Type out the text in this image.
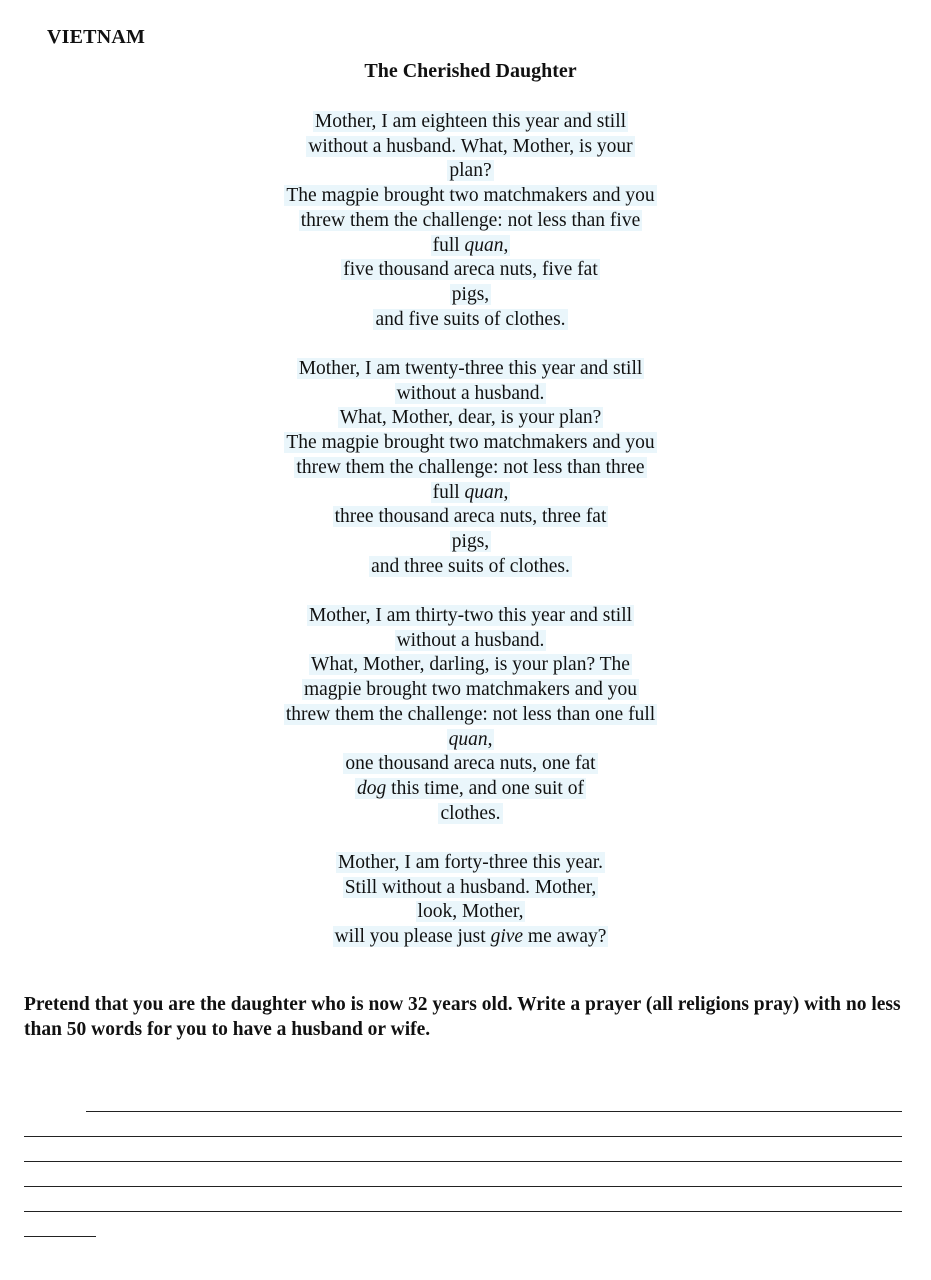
VIETNAM
The Cherished Daughter
Mother, I am eighteen this year and still
without a husband. What, Mother, is your
plan?
The magpie brought two matchmakers and you
threw them the challenge: not less than five
full quan,
five thousand areca nuts, five fat
pigs,
and five suits of clothes.
Mother, I am twenty-three this year and still
without a husband.
What, Mother, dear, is your plan?
The magpie brought two matchmakers and you
threw them the challenge: not less than three
full quan,
three thousand areca nuts, three fat
pigs,
and three suits of clothes.
Mother, I am thirty-two this year and still
without a husband.
What, Mother, darling, is your plan? The
magpie brought two matchmakers and you
threw them the challenge: not less than one full
quan,
one thousand areca nuts, one fat
dog this time, and one suit of
clothes.
Mother, I am forty-three this year.
Still without a husband. Mother,
look, Mother,
will you please just give me away?
Pretend that you are the daughter who is now 32 years old. Write a prayer (all religions pray) with no less than 50 words for you to have a husband or wife.
